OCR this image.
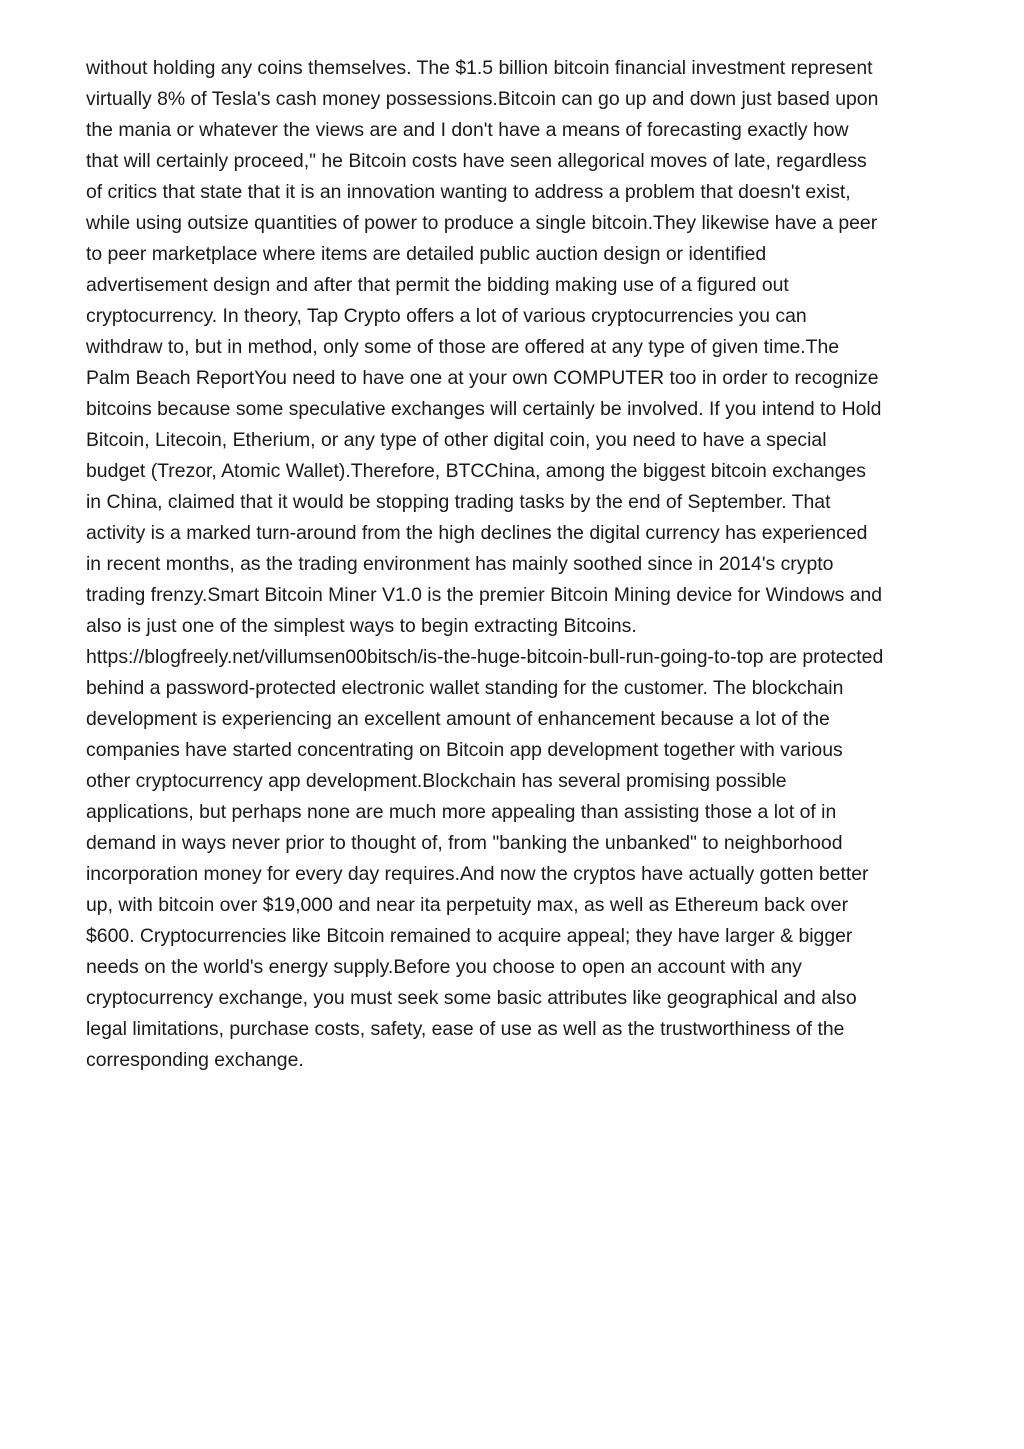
without holding any coins themselves. The $1.5 billion bitcoin financial investment represent
virtually 8% of Tesla's cash money possessions.Bitcoin can go up and down just based upon
the mania or whatever the views are and I don't have a means of forecasting exactly how
that will certainly proceed," he Bitcoin costs have seen allegorical moves of late, regardless
of critics that state that it is an innovation wanting to address a problem that doesn't exist,
while using outsize quantities of power to produce a single bitcoin.They likewise have a peer
to peer marketplace where items are detailed public auction design or identified
advertisement design and after that permit the bidding making use of a figured out
cryptocurrency. In theory, Tap Crypto offers a lot of various cryptocurrencies you can
withdraw to, but in method, only some of those are offered at any type of given time.The
Palm Beach ReportYou need to have one at your own COMPUTER too in order to recognize
bitcoins because some speculative exchanges will certainly be involved. If you intend to Hold
Bitcoin, Litecoin, Etherium, or any type of other digital coin, you need to have a special
budget (Trezor, Atomic Wallet).Therefore, BTCChina, among the biggest bitcoin exchanges
in China, claimed that it would be stopping trading tasks by the end of September. That
activity is a marked turn-around from the high declines the digital currency has experienced
in recent months, as the trading environment has mainly soothed since in 2014's crypto
trading frenzy.Smart Bitcoin Miner V1.0 is the premier Bitcoin Mining device for Windows and
also is just one of the simplest ways to begin extracting Bitcoins.
https://blogfreely.net/villumsen00bitsch/is-the-huge-bitcoin-bull-run-going-to-top are protected
behind a password-protected electronic wallet standing for the customer. The blockchain
development is experiencing an excellent amount of enhancement because a lot of the
companies have started concentrating on Bitcoin app development together with various
other cryptocurrency app development.Blockchain has several promising possible
applications, but perhaps none are much more appealing than assisting those a lot of in
demand in ways never prior to thought of, from "banking the unbanked" to neighborhood
incorporation money for every day requires.And now the cryptos have actually gotten better
up, with bitcoin over $19,000 and near ita perpetuity max, as well as Ethereum back over
$600. Cryptocurrencies like Bitcoin remained to acquire appeal; they have larger & bigger
needs on the world's energy supply.Before you choose to open an account with any
cryptocurrency exchange, you must seek some basic attributes like geographical and also
legal limitations, purchase costs, safety, ease of use as well as the trustworthiness of the
corresponding exchange.
